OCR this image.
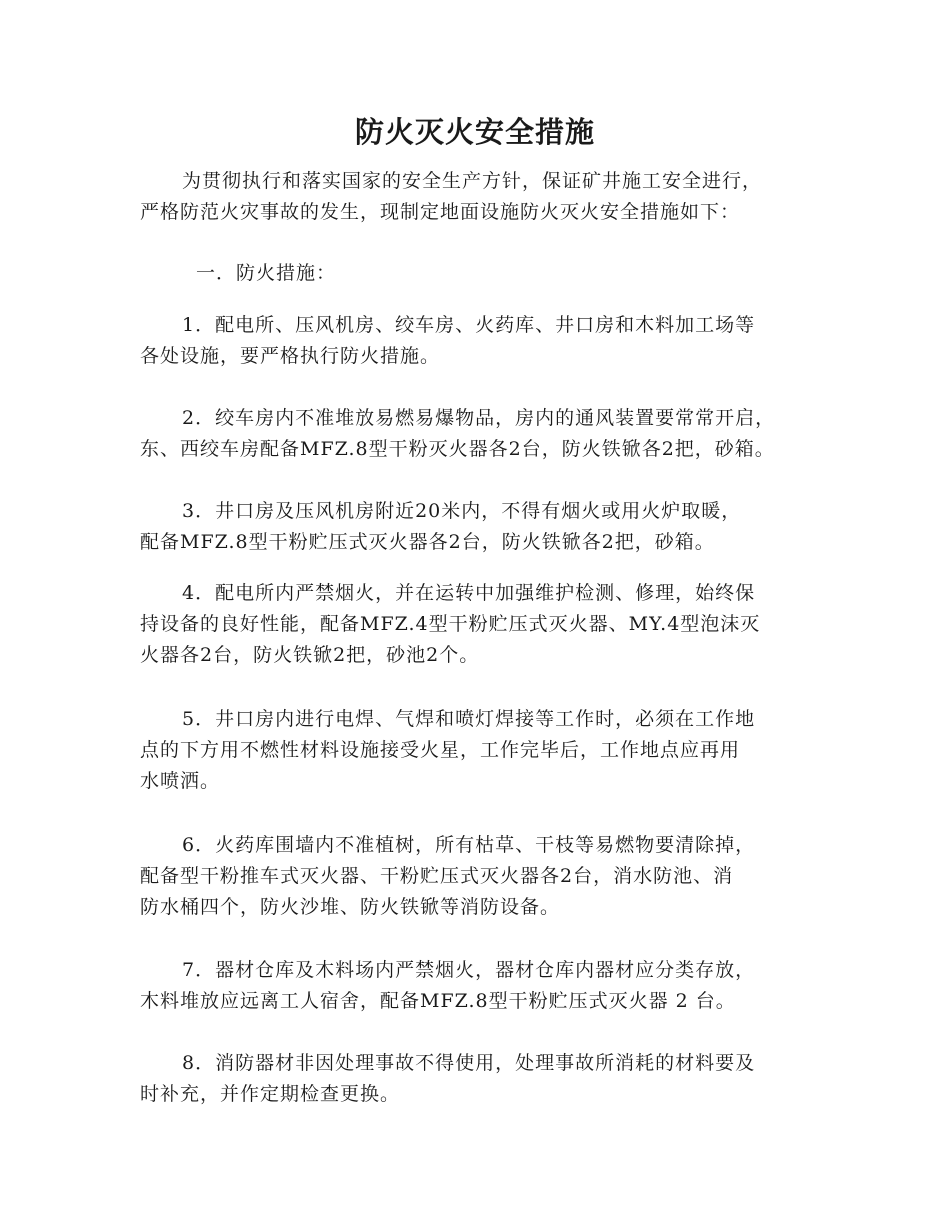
防火灭火安全措施
为贯彻执行和落实国家的安全生产方针，保证矿井施工安全进行，
严格防范火灾事故的发生，现制定地面设施防火灭火安全措施如下：
一．防火措施：
1．配电所、压风机房、绞车房、火药库、井口房和木料加工场等
各处设施，要严格执行防火措施。
2．绞车房内不准堆放易燃易爆物品，房内的通风装置要常常开启，
东、西绞车房配备MFZ.8型干粉灭火器各2台，防火铁锨各2把，砂箱。
3．井口房及压风机房附近20米内，不得有烟火或用火炉取暖，
配备MFZ.8型干粉贮压式灭火器各2台，防火铁锨各2把，砂箱。
4．配电所内严禁烟火，并在运转中加强维护检测、修理，始终保
持设备的良好性能，配备MFZ.4型干粉贮压式灭火器、MY.4型泡沫灭
火器各2台，防火铁锨2把，砂池2个。
5．井口房内进行电焊、气焊和喷灯焊接等工作时，必须在工作地
点的下方用不燃性材料设施接受火星，工作完毕后，工作地点应再用
水喷洒。
6．火药库围墙内不准植树，所有枯草、干枝等易燃物要清除掉，
配备型干粉推车式灭火器、干粉贮压式灭火器各2台，消水防池、消
防水桶四个，防火沙堆、防火铁锨等消防设备。
7．器材仓库及木料场内严禁烟火，器材仓库内器材应分类存放，
木料堆放应远离工人宿舍，配备MFZ.8型干粉贮压式灭火器 2 台。
8．消防器材非因处理事故不得使用，处理事故所消耗的材料要及
时补充，并作定期检查更换。
